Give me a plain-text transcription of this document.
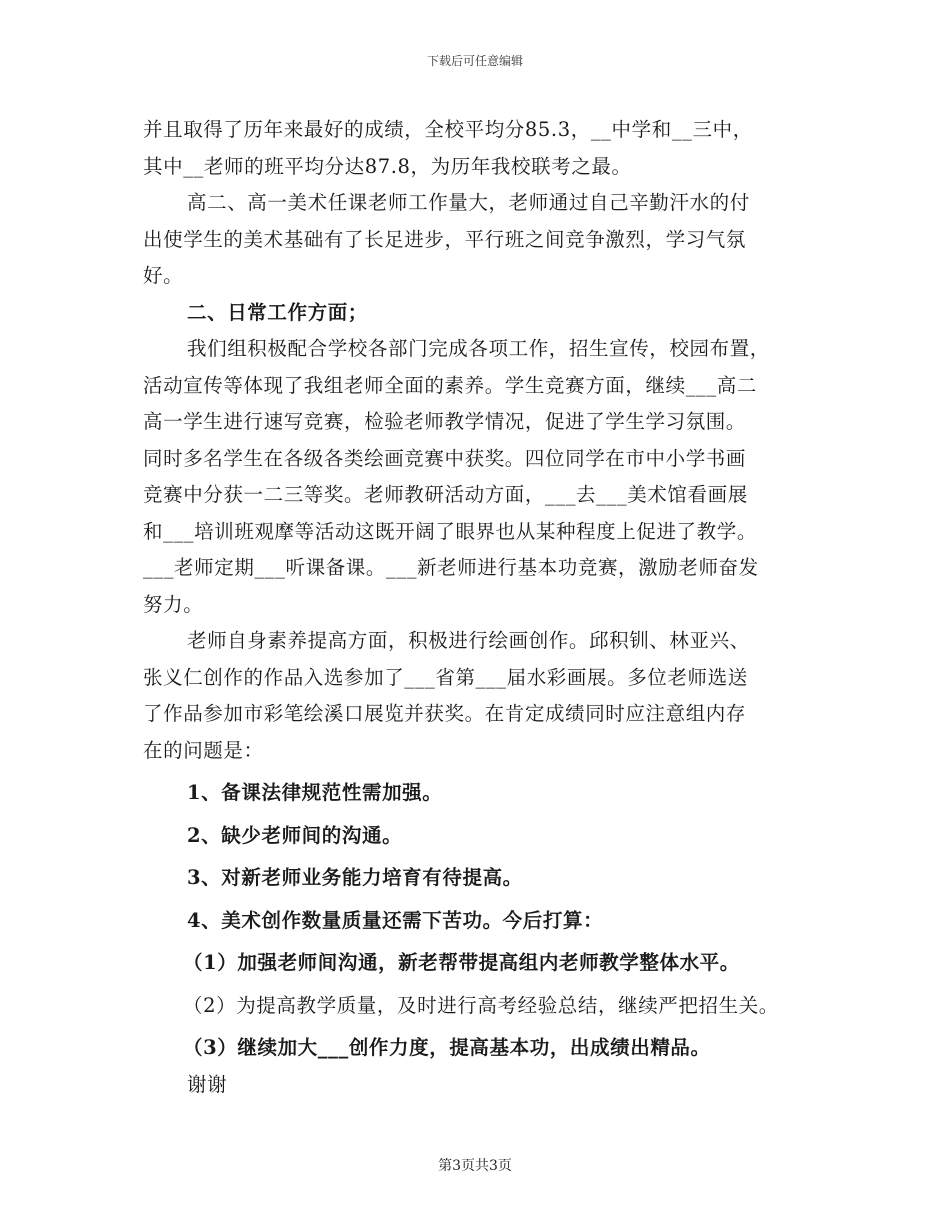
下载后可任意编辑
并且取得了历年来最好的成绩，全校平均分85.3，__中学和__三中，
其中__老师的班平均分达87.8，为历年我校联考之最。
高二、高一美术任课老师工作量大，老师通过自己辛勤汗水的付
出使学生的美术基础有了长足进步，平行班之间竞争激烈，学习气氛
好。
二、日常工作方面；
我们组积极配合学校各部门完成各项工作，招生宣传，校园布置，
活动宣传等体现了我组老师全面的素养。学生竞赛方面，继续___高二
高一学生进行速写竞赛，检验老师教学情况，促进了学生学习氛围。
同时多名学生在各级各类绘画竞赛中获奖。四位同学在市中小学书画
竞赛中分获一二三等奖。老师教研活动方面，___去___美术馆看画展
和___培训班观摩等活动这既开阔了眼界也从某种程度上促进了教学。
___老师定期___听课备课。___新老师进行基本功竞赛，激励老师奋发
努力。
老师自身素养提高方面，积极进行绘画创作。邱积钏、林亚兴、
张义仁创作的作品入选参加了___省第___届水彩画展。多位老师选送
了作品参加市彩笔绘溪口展览并获奖。在肯定成绩同时应注意组内存
在的问题是：
1、备课法律规范性需加强。
2、缺少老师间的沟通。
3、对新老师业务能力培育有待提高。
4、美术创作数量质量还需下苦功。今后打算：
（1）加强老师间沟通，新老帮带提高组内老师教学整体水平。
（2）为提高教学质量，及时进行高考经验总结，继续严把招生关。
（3）继续加大___创作力度，提高基本功，出成绩出精品。
谢谢
第3页共3页
